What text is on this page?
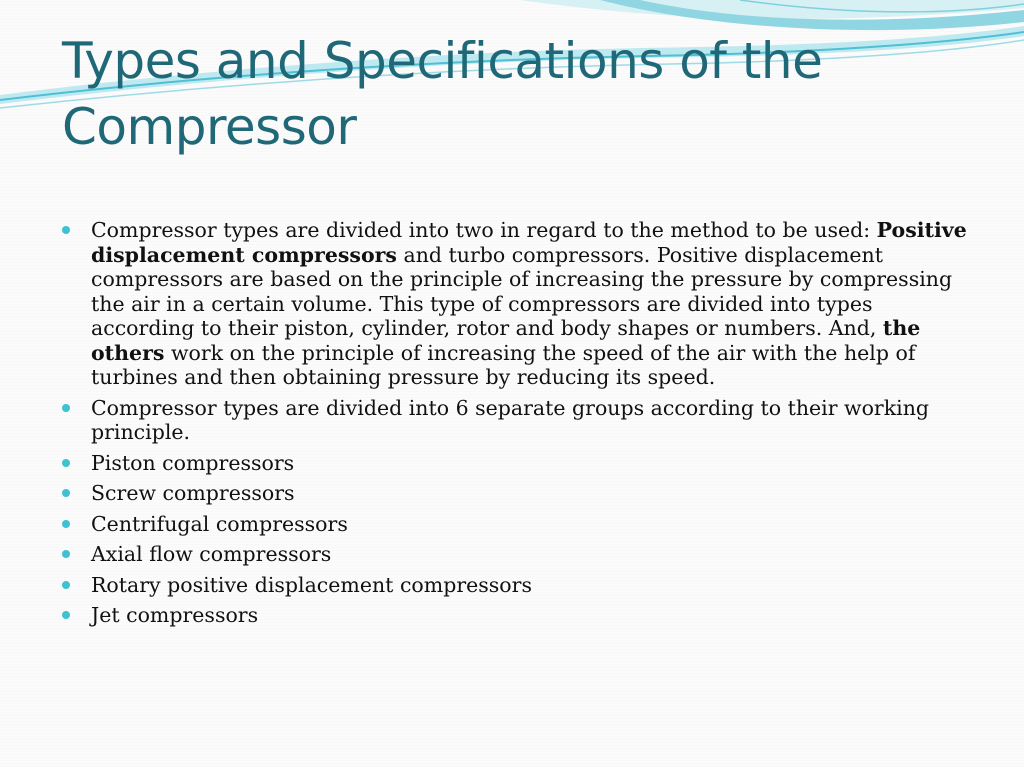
Types and Specifications of the Compressor
Compressor types are divided into two in regard to the method to be used: Positive displacement compressors and turbo compressors. Positive displacement compressors are based on the principle of increasing the pressure by compressing the air in a certain volume. This type of compressors are divided into types according to their piston, cylinder, rotor and body shapes or numbers. And, the others work on the principle of increasing the speed of the air with the help of turbines and then obtaining pressure by reducing its speed.
Compressor types are divided into 6 separate groups according to their working principle.
Piston compressors
Screw compressors
Centrifugal compressors
Axial flow compressors
Rotary positive displacement compressors
Jet compressors
